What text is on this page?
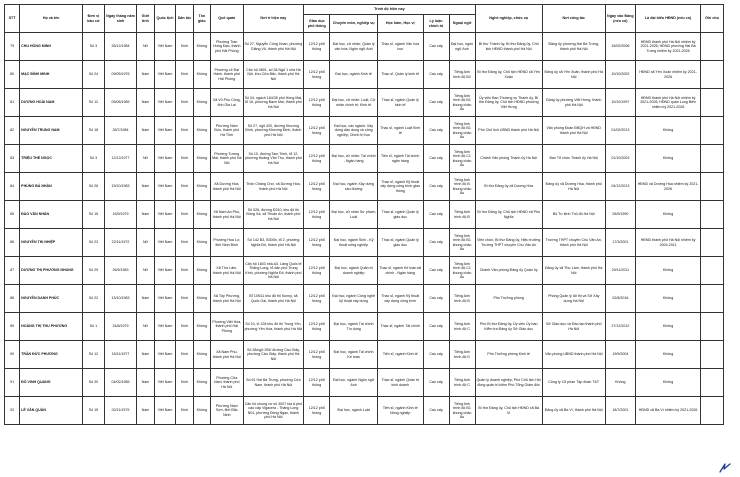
STT	Họ và tên	Đơn vị bầu cử	Ngày tháng năm sinh	Giới tính	Quốc tịch	Dân tộc	Tôn giáo	Quê quán	Nơi ở hiện nay	Trình độ hiện nay					Nghề nghiệp, chức vụ	Nơi công tác	Ngày vào Đảng (nếu có)	Là đại biểu HĐND (nếu có)	Ghi chú
										Giáo dục phổ thông	Chuyên môn, nghiệp vụ	Học hàm, Học vị	Lý luận chính trị	Ngoại ngữ					
79	CHU HỒNG MINH	Số 3	26/12/1984	Nữ	Việt Nam	Kinh	Không	Phường Trần Hưng Đạo, thành phố Hải Phòng	Số 27, Nguyễn Công Hoan, phường Giảng Võ, thành phố Hà Nội	12/12 phổ thông	Đại học, cử nhân; Quản lý văn hóa; Ngôn ngữ Anh	Thạc sĩ, ngành Văn hóa học	Cao cấp	Đại học, ngôn ngữ Anh	Bí thư Thành ủy, Bí thư Đảng ủy, Chủ tịch HĐND thành phố Hà Nội	Đảng ủy phường Hai Bà Trưng, thành phố Hà Nội	15/02/2006	HĐND thành phố Hà Nội nhiệm kỳ 2021-2026; HĐND phường Hai Bà Trưng nhiệm kỳ 2021-2026	
80	MẠC ĐÌNH MINH	Số 24	09/05/1976	Nam	Việt Nam	Kinh	Không	Phường Lê Đại Hành, thành phố Hải Phòng	Căn hộ 0801, số 36 Ngõ 1 nhà Hà Nội, khu Cửa Bắc, thành phố Hà Nội	12/12 phổ thông	Đại học, ngành Kinh tế	Thạc sĩ, Quản lý kinh tế	Cao cấp	Tiếng Anh trình độ B2	Bí thư Đảng ủy, Chủ tịch HĐND xã Yên Xuân	Đảng ủy xã Yên Xuân, thành phố Hà Nội	10/10/2002	HĐND xã Yên Xuân nhiệm kỳ 2021-2026	
81	DƯƠNG HOÀI NAM	Số 12	05/06/1989	Nam	Việt Nam	Kinh	Không	Xã Vũ Phụ Công, tỉnh Gia Lai	Số 04, ngách 164/35 phố Hồng Mai, tổ 16, phường Bạch Mai, thành phố Hà Nội	12/12 phổ thông	Đại học, cử nhân: Luật; Cử nhân chính trị: Kinh tế	Thạc sĩ, ngành Quản lý kinh tế	Cao cấp	Tiếng Anh trình độ B1 khung châu Âu	Ủy viên Ban Thường vụ Thành ủy, Bí thư Đảng ủy, Chủ tịch HĐND phường Việt Hưng	Đảng ủy phường Việt Hưng, thành phố Hà Nội	10/10/1997	HĐND thành phố Hà Nội nhiệm kỳ 2021-2026; HĐND quận Long Biên nhiệm kỳ 2021-2026	
82	NGUYỄN TRUNG NAM	Số 18	28/7/1984	Nam	Việt Nam	Kinh	Không	Phường Nam Đức, thành phố Hà Tĩnh	Số 27, ngõ 420, đường Khương Đình, phường Khương Đình, thành phố Hà Nội	12/12 phổ thông	Đại học, các ngành: Xây dựng dân dụng và công nghiệp; Chính trị học	Thạc sĩ, ngành Luật Kinh tế	Cao cấp	Tiếng Anh trình độ B1 khung châu Âu	Phó Chủ tịch UBND thành phố Hà Nội	Văn phòng Đoàn ĐBQH và HĐND thành phố Hà Nội	01/02/2013	Không	
83	TRIỆU THẾ NGỌC	Số 3	12/12/1977	Nữ	Việt Nam	Kinh	Không	Phường Tương Mai, thành phố Hà Nội	Số 10, đường Tam Trinh, tổ 12, phường Hoàng Văn Thụ, thành phố Hà Nội	12/12 phổ thông	Đại học, cử nhân: Tài chính - Ngân hàng	Tiến sĩ, ngành Tài chính ngân hàng	Cao cấp	Tiếng Anh trình độ C1 khung châu Âu	Chánh Văn phòng Thành ủy Hà Nội	Ban Tổ chức Thành ủy Hà Nội	01/10/2003	Không	
84	PHÙNG BÁ NHÂN	Số 26	15/10/1983	Nam	Việt Nam	Kinh	Không	Xã Dương Hòa, thành phố Hà Nội	Thôn Chàng Chợ, xã Dương Hòa, thành phố Hà Nội	12/12 phổ thông	Đại học, ngành Xây dựng cầu đường	Thạc sĩ, ngành Kỹ thuật xây dựng công trình giao thông	Cao cấp	Tiếng Anh trình độ B khung châu Âu	Bí thư Đảng ủy xã Dương Hòa	Đảng ủy xã Dương Hòa, thành phố Hà Nội	04/12/2013	HĐND xã Dương Hòa nhiệm kỳ 2021-2026	
85	ĐÀO VĂN NHÂN	Số 15	15/9/1979	Nam	Việt Nam	Kinh	Không	Xã Nam An Phú, thành phố Hà Nội	Số 026, đường Đ310, khu đô thị Đông Xá, xã Thuận An, thành phố Hà Nội	12/12 phổ thông	Đại học, cử nhân Sư phạm; Luật	Thạc sĩ, ngành Quản lý giáo dục	Cao cấp	Tiếng Anh trình độ B	Bí thư Đảng ủy, Chủ tịch HĐND xã Phú Nghĩa	Bộ Tư lệnh Thủ đô Hà Nội	26/9/1990	Không	
86	NGUYỄN THỊ NHIỆP	Số 23	22/11/1972	Nữ	Việt Nam	Kinh	Không	Phường Hoa Lư, tỉnh Ninh Bình	Số 142 B3, B300b, tổ 2, phường Nghĩa Đô, thành phố Hà Nội	12/12 phổ thông	Đại học, ngành Sinh - Kỹ thuật nông nghiệp	Thạc sĩ, ngành Quản lý giáo dục	Cao cấp	Tiếng Anh trình độ B1 khung châu Âu	Viên chức; Bí thư Đảng ủy, Hiệu trưởng Trường THPT chuyên Chu Văn An	Trường THPT chuyên Chu Văn An, thành phố Hà Nội	17/3/2001	HĐND thành phố Hà Nội nhiệm kỳ 2004-2011	
87	DƯƠNG THỊ PHƯƠNG NHUNG	Số 29	26/9/1983	Nữ	Việt Nam	Kinh	Không	Xã Thư Lâm, thành phố Hà Nội	Căn hộ 1603 nhà A3, Làng Quốc tế Thăng Long, tổ dân phố Trung Kính, phường Nghĩa Đô, thành phố Hà Nội	12/12 phổ thông	Đại học, ngành Quản trị doanh nghiệp	Thạc sĩ, ngành Kế toán tài chính - Ngân hàng	Cao cấp	Tiếng Anh trình độ C1 khung châu Âu	Chánh Văn phòng Đảng ủy Quận ủy	Đảng ủy xã Thư Lâm, thành phố Hà Nội	29/11/2011	Không	
88	NGUYỄN DANH PHÚC	Số 22	13/10/1983	Nam	Việt Nam	Kinh	Không	Xã Tây Phương, thành phố Hà Nội	BT10N11 khu đô thị Sunny, xã Quốc Oai, thành phố Hà Nội	12/12 phổ thông	Đại học, ngành Công nghệ kỹ thuật xây dựng	Thạc sĩ, ngành Kỹ thuật xây dựng công trình	Cao cấp	Tiếng Anh trình độ B	Phó Trưởng phòng	Phòng Quản lý đô thị và Sở Xây dựng Hà Nội	02/8/2016	Không	
89	HOÀNG THỊ THU PHƯƠNG	Số 1	24/8/1979	Nữ	Việt Nam	Kinh	Không	Phường Việt Hòa, thành phố Hải Phòng	Số 10, lô 128 khu đô thị Trung Yên, phường Yên Hòa, thành phố Hà Nội	12/12 phổ thông	Đại học, ngành Tài chính Tín dụng	Thạc sĩ, ngành Tài chính	Cao cấp	Tiếng Anh trình độ C	Phó Bí thư Đảng ủy, Ủy viên Ủy ban Kiểm tra Đảng ủy Sở Giáo dục	Sở Giáo dục và Đào tạo thành phố Hà Nội	27/12/2012	Không	
90	TRẦN ĐỨC PHƯƠNG	Số 12	15/11/1977	Nam	Việt Nam	Kinh	Không	Xã Nam Phù, thành phố Hà Nội	Số 28/ngõ 255/ đường Cầu Giấy, phường Cầu Giấy, thành phố Hà Nội	12/12 phổ thông	Đại học, ngành Tài chính Kế toán	Tiến sĩ, ngành Kinh tế	Cao cấp	Tiếng Anh trình độ D	Phó Trưởng phòng Kinh tế	Văn phòng UBND thành phố Hà Nội	19/9/2004	Không	
91	ĐỖ VINH QUANG	Số 30	04/02/1985	Nam	Việt Nam	Kinh	Không	Phường Cửa Nam, thành phố Hà Nội	Số 61 Hai Bà Trưng, phường Cửa Nam, thành phố Hà Nội	12/12 phổ thông	Đại học, ngành Ngôn ngữ Anh	Thạc sĩ, ngành Quản trị kinh doanh	Cao cấp	Tiếng Anh trình độ C	Quản lý doanh nghiệp; Phó Chủ tịch Hội đồng quản trị kiêm Phó Tổng Giám đốc	Công ty Cổ phần Tập đoàn T&T	Không	Không	
92	LÊ VĂN QUÂN	Số 15	02/11/1979	Nam	Việt Nam	Kinh	Không	Phường Nam Sơn, tỉnh Bắc Ninh	Căn hộ chung cư số 3007 tòa A phố cao cấp Vigacera - Thăng Long N01, phường Đông Ngạc, thành phố Hà Nội	12/12 phổ thông	Đại học, ngành Luật	Tiến sĩ, ngành Kinh tế Nông nghiệp	Cao cấp	Tiếng Anh trình độ B1 khung châu Âu	Bí thư Đảng ủy, Chủ tịch HĐND xã Ba Vì	Đảng ủy xã Ba Vì, thành phố Hà Nội	18/7/2001	HĐND xã Ba Vì nhiệm kỳ 2021-2026	
